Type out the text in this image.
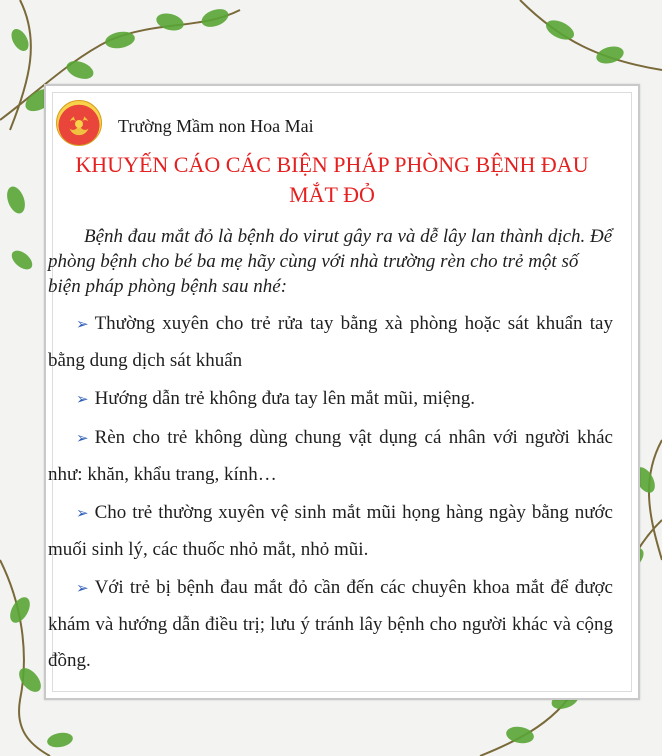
Trường Mầm non Hoa Mai
KHUYẾN CÁO CÁC BIỆN PHÁP PHÒNG BỆNH ĐAU MẮT ĐỎ

Bệnh đau mắt đỏ là bệnh do virut gây ra và dễ lây lan thành dịch. Để phòng bệnh cho bé ba mẹ hãy cùng với nhà trường rèn cho trẻ một số biện pháp phòng bệnh sau nhé:

➢ Thường xuyên cho trẻ rửa tay bằng xà phòng hoặc sát khuẩn tay bằng dung dịch sát khuẩn
➢ Hướng dẫn trẻ không đưa tay lên mắt mũi, miệng.
➢ Rèn cho trẻ không dùng chung vật dụng cá nhân với người khác như: khăn, khẩu trang, kính…
➢ Cho trẻ thường xuyên vệ sinh mắt mũi họng hàng ngày bằng nước muối sinh lý, các thuốc nhỏ mắt, nhỏ mũi.
➢ Với trẻ bị bệnh đau mắt đỏ cần đến các chuyên khoa mắt để được khám và hướng dẫn điều trị; lưu ý tránh lây bệnh cho người khác và cộng đồng.
